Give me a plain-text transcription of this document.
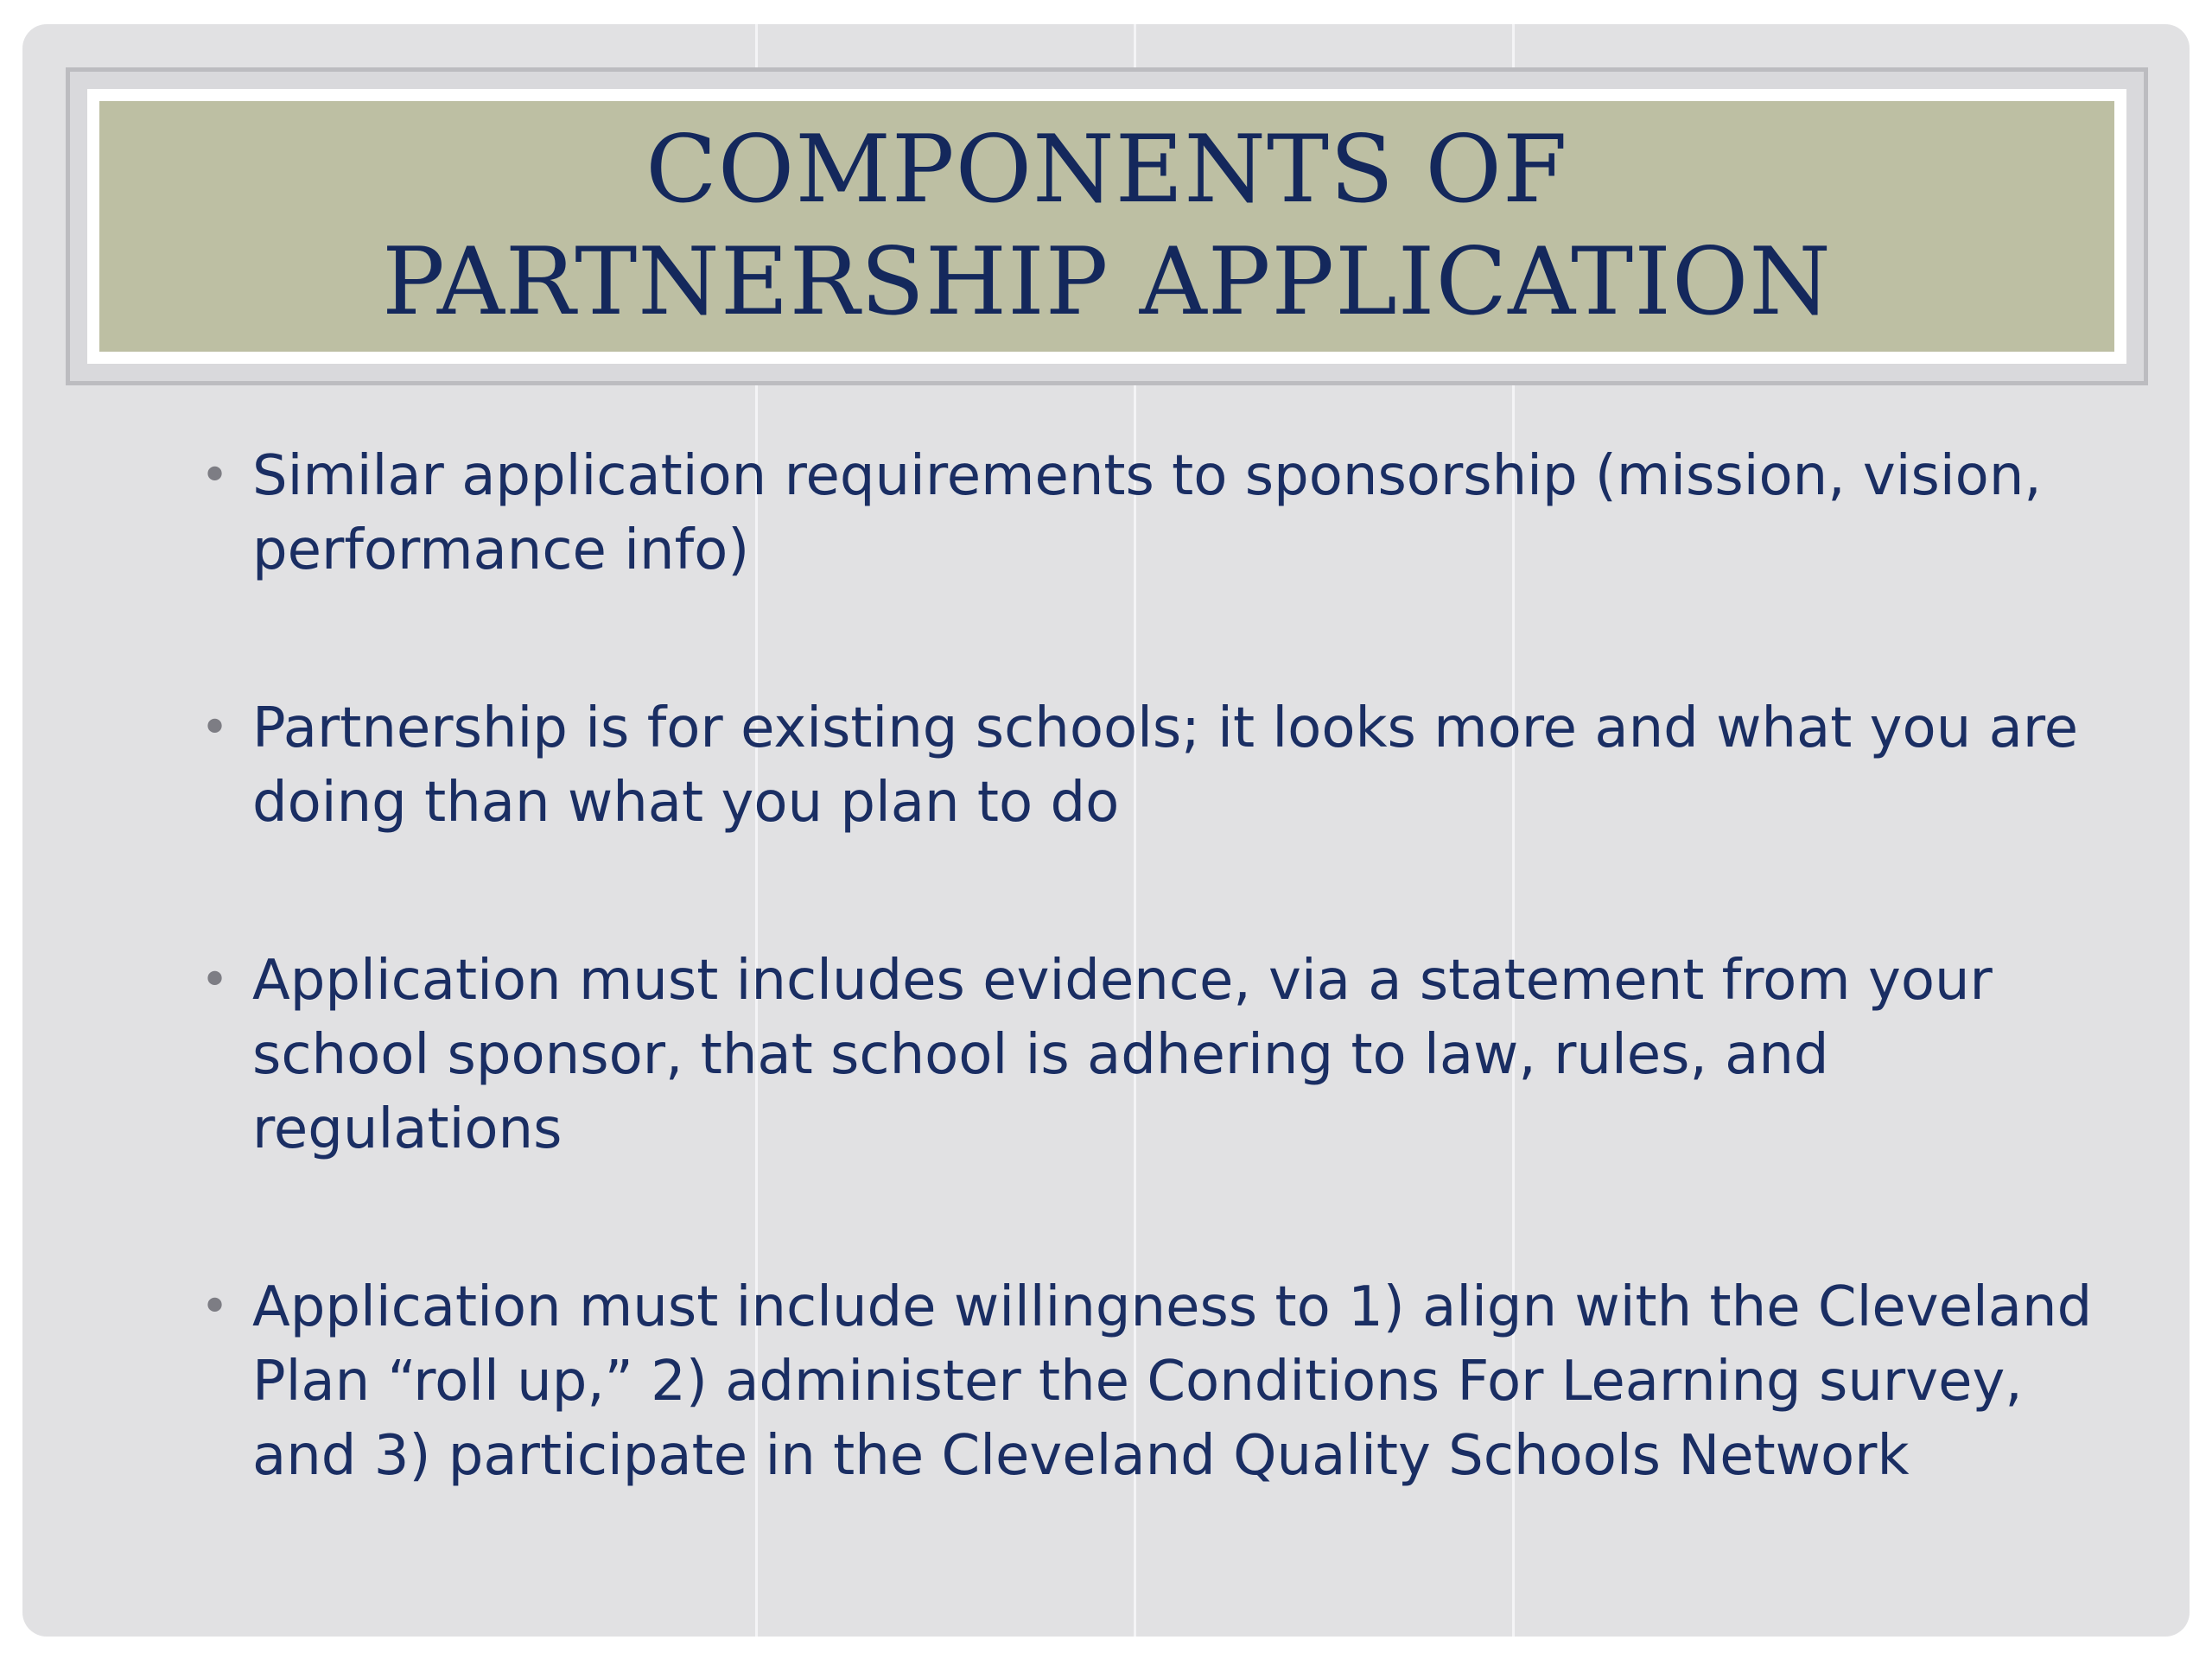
COMPONENTS OF
PARTNERSHIP APPLICATION
• Similar application requirements to sponsorship (mission, vision, performance info)
• Partnership is for existing schools; it looks more and what you are doing than what you plan to do
• Application must includes evidence, via a statement from your school sponsor, that school is adhering to law, rules, and regulations
• Application must include willingness to 1) align with the Cleveland Plan “roll up,” 2) administer the Conditions For Learning survey, and 3) participate in the Cleveland Quality Schools Network
